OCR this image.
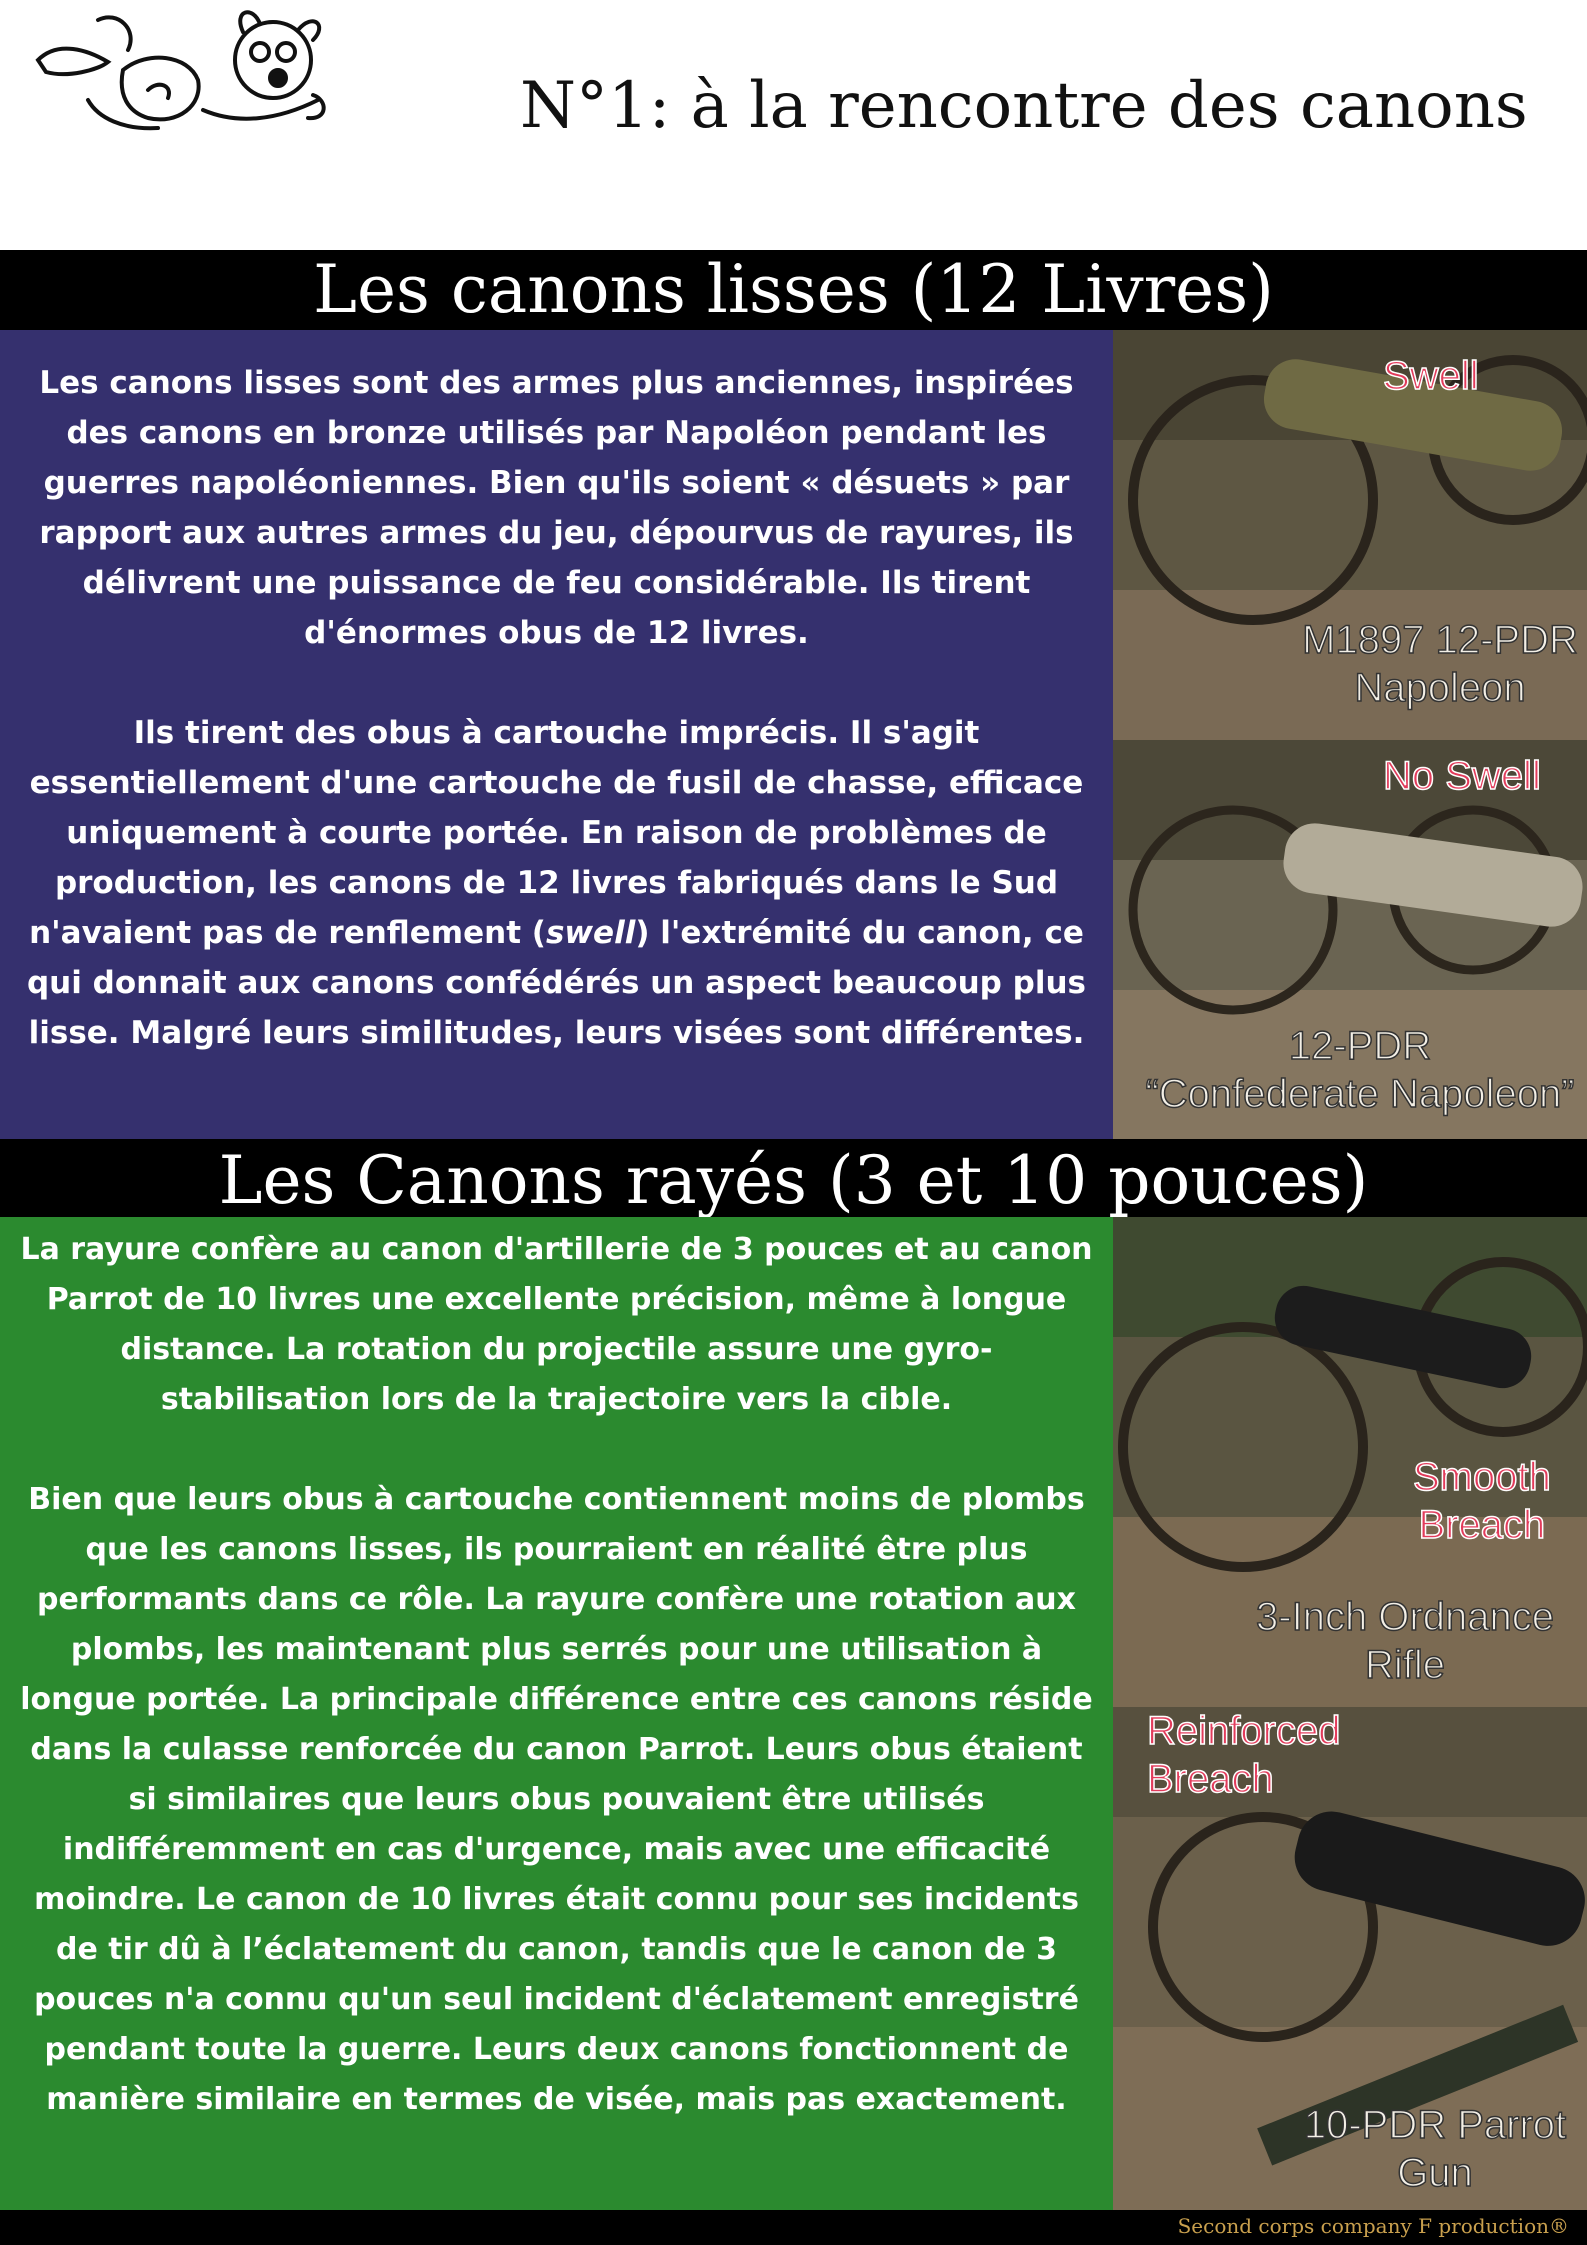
N°1: à la rencontre des canons
Les canons lisses (12 Livres)

Les canons lisses sont des armes plus anciennes, inspirées des canons en bronze utilisés par Napoléon pendant les guerres napoléoniennes. Bien qu'ils soient « désuets » par rapport aux autres armes du jeu, dépourvus de rayures, ils délivrent une puissance de feu considérable. Ils tirent d'énormes obus de 12 livres.

Ils tirent des obus à cartouche imprécis. Il s'agit essentiellement d'une cartouche de fusil de chasse, efficace uniquement à courte portée. En raison de problèmes de production, les canons de 12 livres fabriqués dans le Sud n'avaient pas de renflement (swell) l'extrémité du canon, ce qui donnait aux canons confédérés un aspect beaucoup plus lisse. Malgré leurs similitudes, leurs visées sont différentes.

Swell
M1897 12-PDR
Napoleon
No Swell
12-PDR
“Confederate Napoleon”
Les Canons rayés (3 et 10 pouces)

La rayure confère au canon d'artillerie de 3 pouces et au canon Parrot de 10 livres une excellente précision, même à longue distance. La rotation du projectile assure une gyro-stabilisation lors de la trajectoire vers la cible.

Bien que leurs obus à cartouche contiennent moins de plombs que les canons lisses, ils pourraient en réalité être plus performants dans ce rôle. La rayure confère une rotation aux plombs, les maintenant plus serrés pour une utilisation à longue portée. La principale différence entre ces canons réside dans la culasse renforcée du canon Parrot. Leurs obus étaient si similaires que leurs obus pouvaient être utilisés indifféremment en cas d'urgence, mais avec une efficacité moindre. Le canon de 10 livres était connu pour ses incidents de tir dû à l’éclatement du canon, tandis que le canon de 3 pouces n'a connu qu'un seul incident d'éclatement enregistré pendant toute la guerre. Leurs deux canons fonctionnent de manière similaire en termes de visée, mais pas exactement.

Smooth
Breach
3-Inch Ordnance
Rifle
Reinforced
Breach
10-PDR Parrot
Gun
Second corps company F production®
